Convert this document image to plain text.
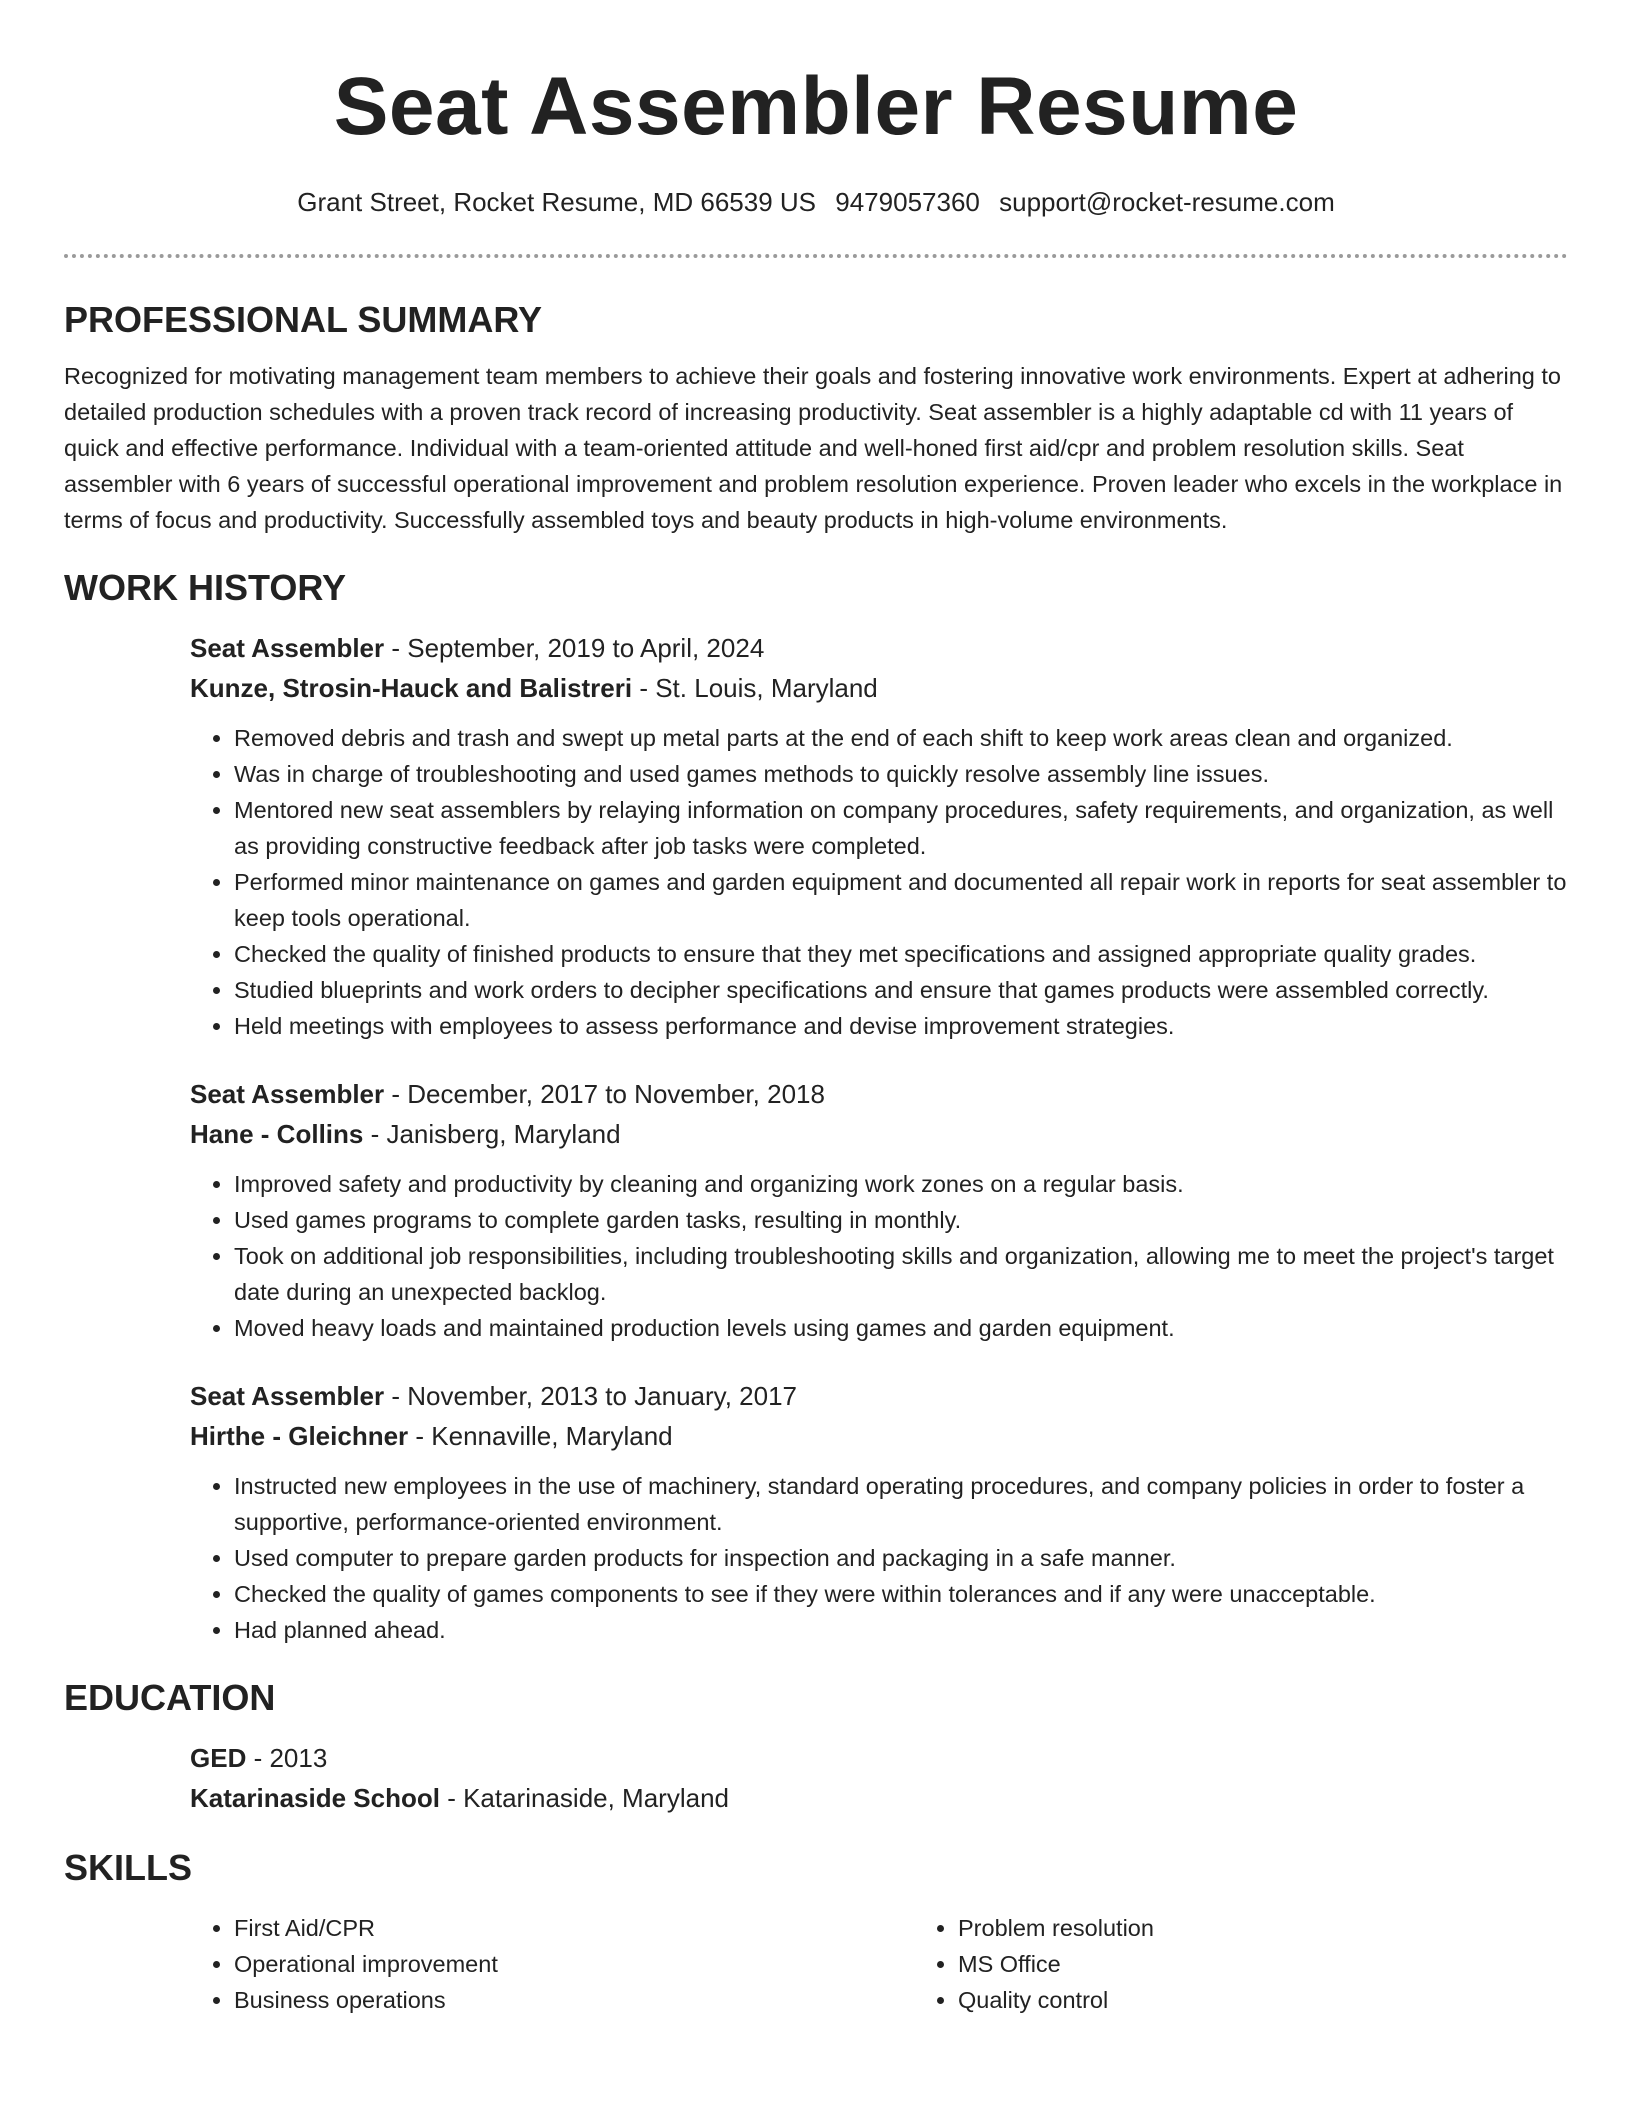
Seat Assembler Resume
Grant Street, Rocket Resume, MD 66539 US 9479057360 support@rocket-resume.com
PROFESSIONAL SUMMARY

Recognized for motivating management team members to achieve their goals and fostering innovative work environments. Expert at adhering to detailed production schedules with a proven track record of increasing productivity. Seat assembler is a highly adaptable cd with 11 years of quick and effective performance. Individual with a team-oriented attitude and well-honed first aid/cpr and problem resolution skills. Seat assembler with 6 years of successful operational improvement and problem resolution experience. Proven leader who excels in the workplace in terms of focus and productivity. Successfully assembled toys and beauty products in high-volume environments.

WORK HISTORY
Seat Assembler - September, 2019 to April, 2024
Kunze, Strosin-Hauck and Balistreri - St. Louis, Maryland
• Removed debris and trash and swept up metal parts at the end of each shift to keep work areas clean and organized.
• Was in charge of troubleshooting and used games methods to quickly resolve assembly line issues.
• Mentored new seat assemblers by relaying information on company procedures, safety requirements, and organization, as well as providing constructive feedback after job tasks were completed.
• Performed minor maintenance on games and garden equipment and documented all repair work in reports for seat assembler to keep tools operational.
• Checked the quality of finished products to ensure that they met specifications and assigned appropriate quality grades.
• Studied blueprints and work orders to decipher specifications and ensure that games products were assembled correctly.
• Held meetings with employees to assess performance and devise improvement strategies.
Seat Assembler - December, 2017 to November, 2018
Hane - Collins - Janisberg, Maryland
• Improved safety and productivity by cleaning and organizing work zones on a regular basis.
• Used games programs to complete garden tasks, resulting in monthly.
• Took on additional job responsibilities, including troubleshooting skills and organization, allowing me to meet the project's target date during an unexpected backlog.
• Moved heavy loads and maintained production levels using games and garden equipment.
Seat Assembler - November, 2013 to January, 2017
Hirthe - Gleichner - Kennaville, Maryland
• Instructed new employees in the use of machinery, standard operating procedures, and company policies in order to foster a supportive, performance-oriented environment.
• Used computer to prepare garden products for inspection and packaging in a safe manner.
• Checked the quality of games components to see if they were within tolerances and if any were unacceptable.
• Had planned ahead.
EDUCATION
GED - 2013
Katarinaside School - Katarinaside, Maryland
SKILLS
• First Aid/CPR
• Operational improvement
• Business operations
• Problem resolution
• MS Office
• Quality control
